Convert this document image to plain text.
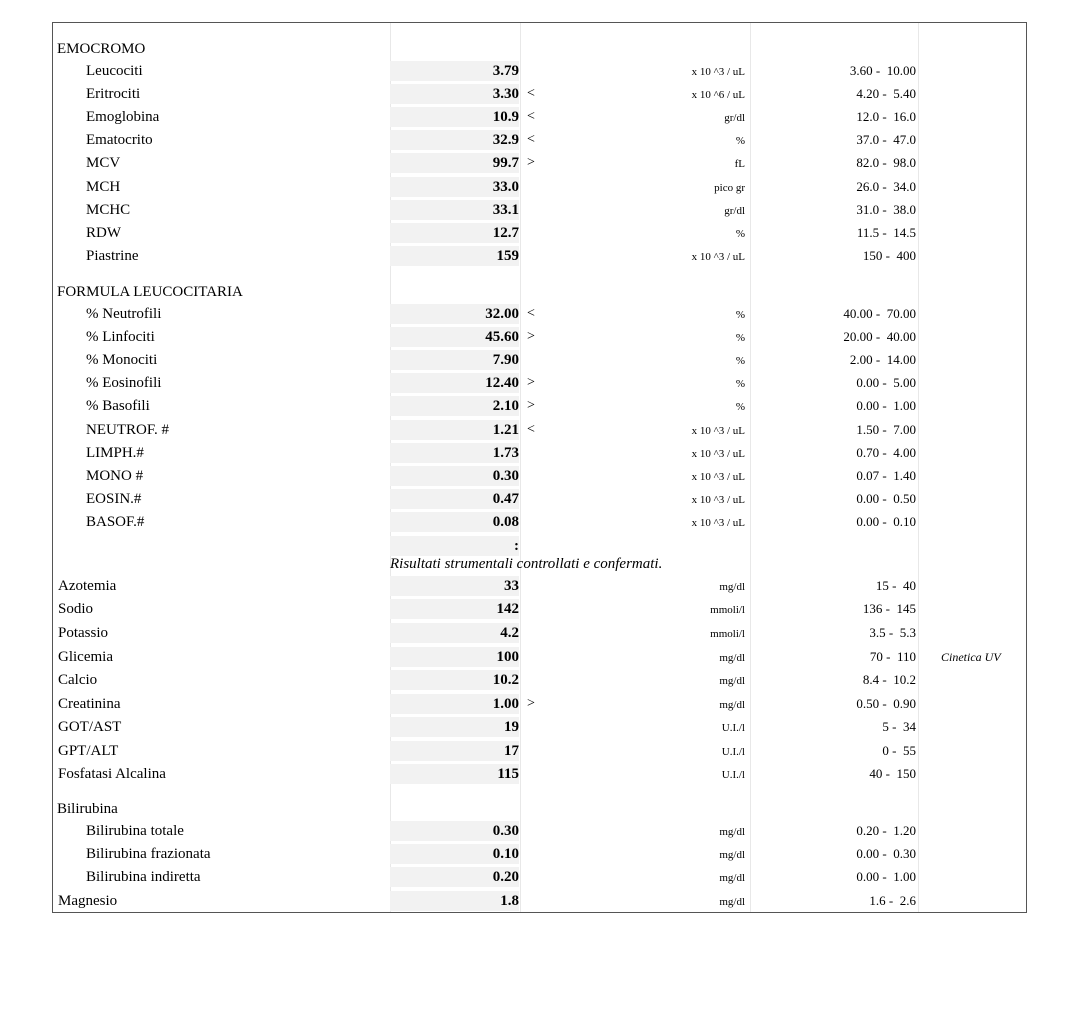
EMOCROMO
Leucociti	3.79	x 10 ^3 / uL	3.60 -  10.00
Eritrociti	3.30 <	x 10 ^6 / uL	4.20 -  5.40
Emoglobina	10.9 <	gr/dl	12.0 -  16.0
Ematocrito	32.9 <	%	37.0 -  47.0
MCV	99.7 >	fL	82.0 -  98.0
MCH	33.0	pico gr	26.0 -  34.0
MCHC	33.1	gr/dl	31.0 -  38.0
RDW	12.7	%	11.5 -  14.5
Piastrine	159	x 10 ^3 / uL	150 -  400
FORMULA LEUCOCITARIA
% Neutrofili	32.00 <	%	40.00 -  70.00
% Linfociti	45.60 >	%	20.00 -  40.00
% Monociti	7.90	%	2.00 -  14.00
% Eosinofili	12.40 >	%	0.00 -  5.00
% Basofili	2.10 >	%	0.00 -  1.00
NEUTROF. #	1.21 <	x 10 ^3 / uL	1.50 -  7.00
LIMPH.#	1.73	x 10 ^3 / uL	0.70 -  4.00
MONO #	0.30	x 10 ^3 / uL	0.07 -  1.40
EOSIN.#	0.47	x 10 ^3 / uL	0.00 -  0.50
BASOF.#	0.08	x 10 ^3 / uL	0.00 -  0.10
:
Risultati strumentali controllati e confermati.
Azotemia	33	mg/dl	15 -  40
Sodio	142	mmoli/l	136 -  145
Potassio	4.2	mmoli/l	3.5 -  5.3
Glicemia	100	mg/dl	70 -  110 Cinetica UV
Calcio	10.2	mg/dl	8.4 -  10.2
Creatinina	1.00 >	mg/dl	0.50 -  0.90
GOT/AST	19	U.I./l	5 -  34
GPT/ALT	17	U.I./l	0 -  55
Fosfatasi Alcalina	115	U.I./l	40 -  150
Bilirubina
Bilirubina totale	0.30	mg/dl	0.20 -  1.20
Bilirubina frazionata	0.10	mg/dl	0.00 -  0.30
Bilirubina indiretta	0.20	mg/dl	0.00 -  1.00
Magnesio	1.8	mg/dl	1.6 -  2.6
